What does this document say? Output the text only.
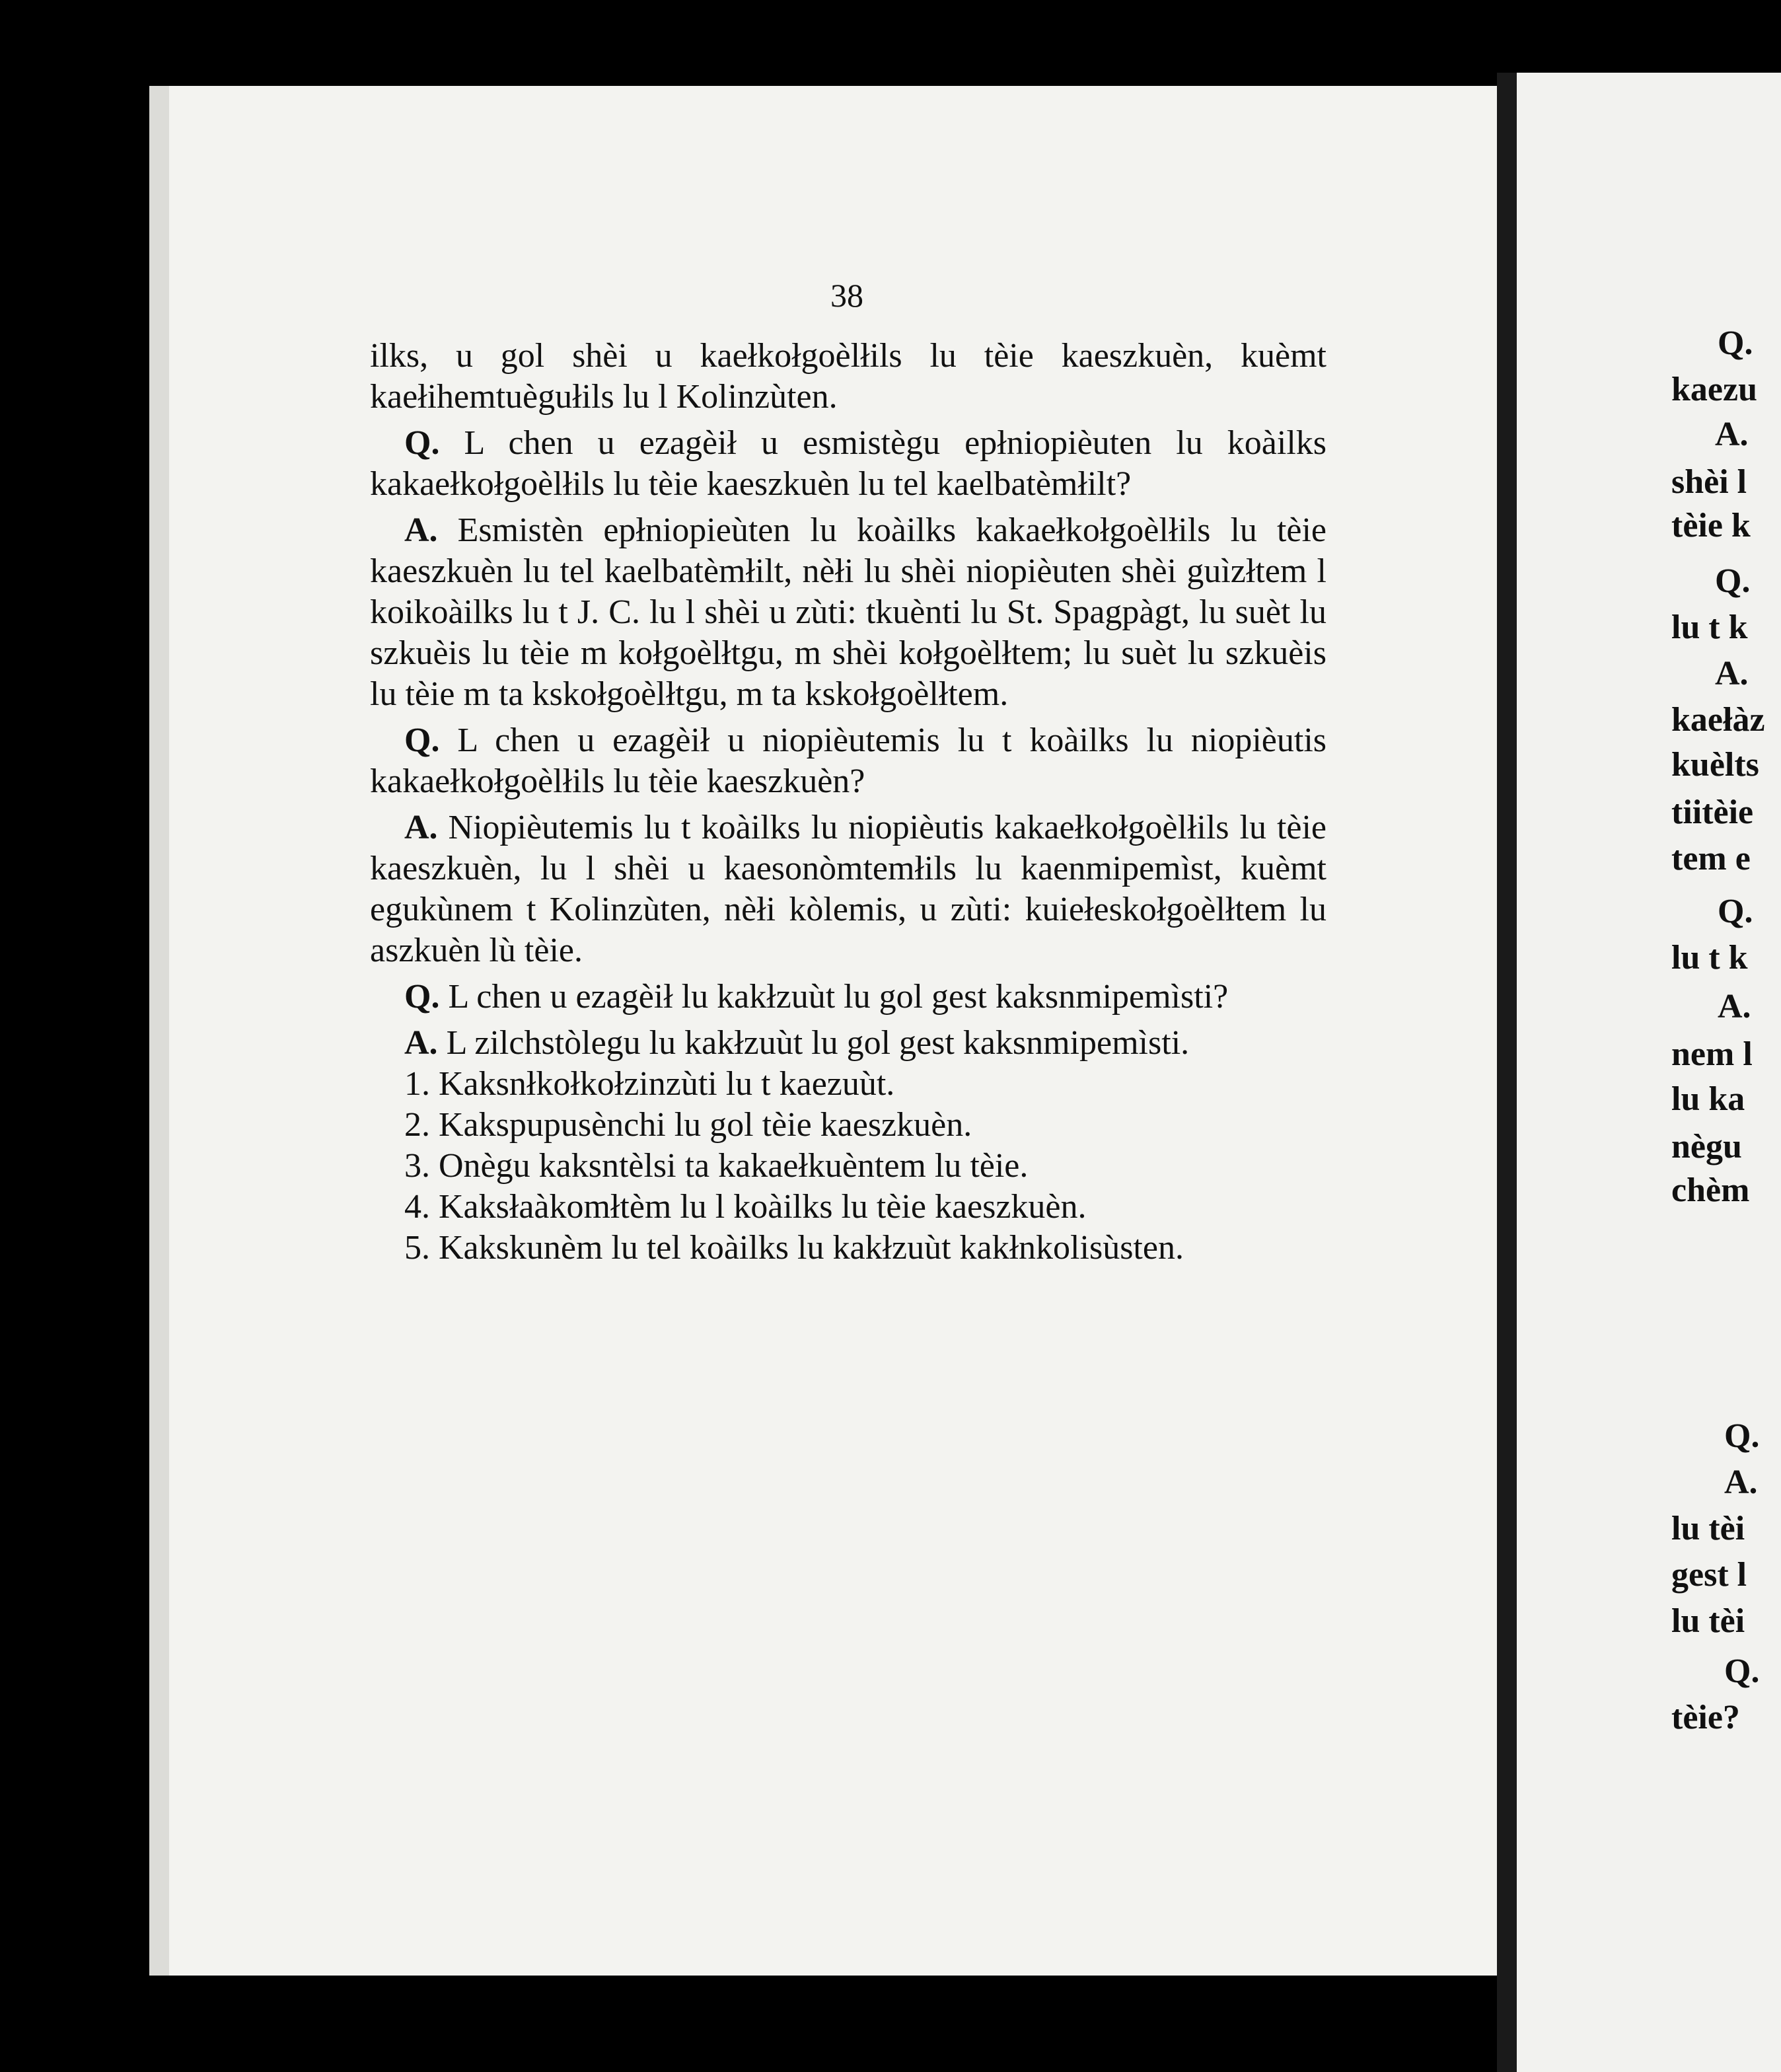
38

ilks, u gol shèi u kaełkołgoèlłils lu tèie kaeszkuèn, kuèmt kaełihemtuègułils lu l Kolinzùten.

Q. L chen u ezagèił u esmistègu epłniopièuten lu koàilks kakaełkołgoèlłils lu tèie kaeszkuèn lu tel kaelbatèmłilt?

A. Esmistèn epłniopieùten lu koàilks kakaełkołgoèlłils lu tèie kaeszkuèn lu tel kaelbatèmłilt, nèłi lu shèi niopièuten shèi guìzłtem l koikoàilks lu t J. C. lu l shèi u zùti: tkuènti lu St. Spagpàgt, lu suèt lu szkuèis lu tèie m kołgoèlłtgu, m shèi kołgoèlłtem; lu suèt lu szkuèis lu tèie m ta kskołgoèlłtgu, m ta kskołgoèlłtem.

Q. L chen u ezagèił u niopièutemis lu t koàilks lu niopièutis kakaełkołgoèlłils lu tèie kaeszkuèn?

A. Niopièutemis lu t koàilks lu niopièutis kakaełkołgoèlłils lu tèie kaeszkuèn, lu l shèi u kaesonòmtemłils lu kaenmipemìst, kuèmt egukùnem t Kolinzùten, nèłi kòlemis, u zùti: kuiełeskołgoèlłtem lu aszkuèn lù tèie.

Q. L chen u ezagèił lu kakłzuùt lu gol gest kaksnmipemìsti?

A. L zilchstòlegu lu kakłzuùt lu gol gest kaksnmipemìsti.

1. Kaksnłkołkołzinzùti lu t kaezuùt.

2. Kakspupusènchi lu gol tèie kaeszkuèn.

3. Onègu kaksntèlsi ta kakaełkuèntem lu tèie.

4. Kaksłaàkomłtèm lu l koàilks lu tèie kaeszkuèn.

5. Kakskunèm lu tel koàilks lu kakłzuùt kakłnkolisùsten.

Q.
kaezu
A.
shèi l
tèie k
Q.
lu t k
A.
kaełàz
kuèlts
tiitèie
tem e
Q.
lu t k
A.
nem l
lu ka
nègu
chèm
Q.
A.
lu tèi
gest l
lu tèi
Q.
tèie?
